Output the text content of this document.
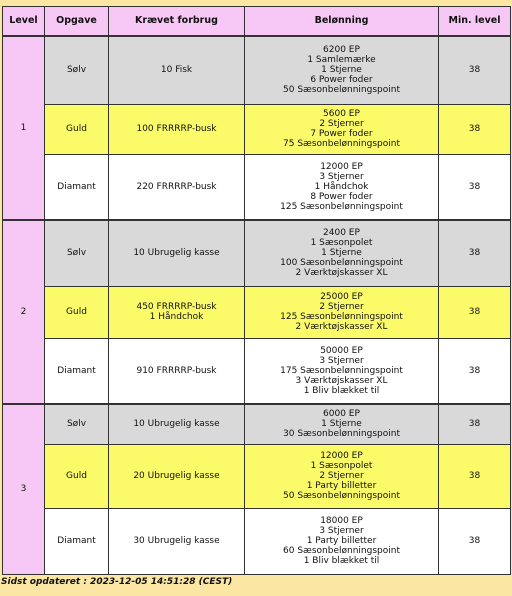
Level	Opgave	Krævet forbrug	Belønning	Min. level
1	Sølv	10 Fisk	6200 EP
1 Samlemærke
1 Stjerne
6 Power foder
50 Sæsonbelønningspoint	38
	Guld	100 FRRRRP-busk	5600 EP
2 Stjerner
7 Power foder
75 Sæsonbelønningspoint	38
	Diamant	220 FRRRRP-busk	12000 EP
3 Stjerner
1 Håndchok
8 Power foder
125 Sæsonbelønningspoint	38
2	Sølv	10 Ubrugelig kasse	2400 EP
1 Sæsonpolet
1 Stjerne
100 Sæsonbelønningspoint
2 Værktøjskasser XL	38
	Guld	450 FRRRRP-busk
1 Håndchok	25000 EP
2 Stjerner
125 Sæsonbelønningspoint
2 Værktøjskasser XL	38
	Diamant	910 FRRRRP-busk	50000 EP
3 Stjerner
175 Sæsonbelønningspoint
3 Værktøjskasser XL
1 Bliv blækket til	38
3	Sølv	10 Ubrugelig kasse	6000 EP
1 Stjerne
30 Sæsonbelønningspoint	38
	Guld	20 Ubrugelig kasse	12000 EP
1 Sæsonpolet
2 Stjerner
1 Party billetter
50 Sæsonbelønningspoint	38
	Diamant	30 Ubrugelig kasse	18000 EP
3 Stjerner
1 Party billetter
60 Sæsonbelønningspoint
1 Bliv blækket til	38
Sidst opdateret : 2023-12-05 14:51:28 (CEST)
